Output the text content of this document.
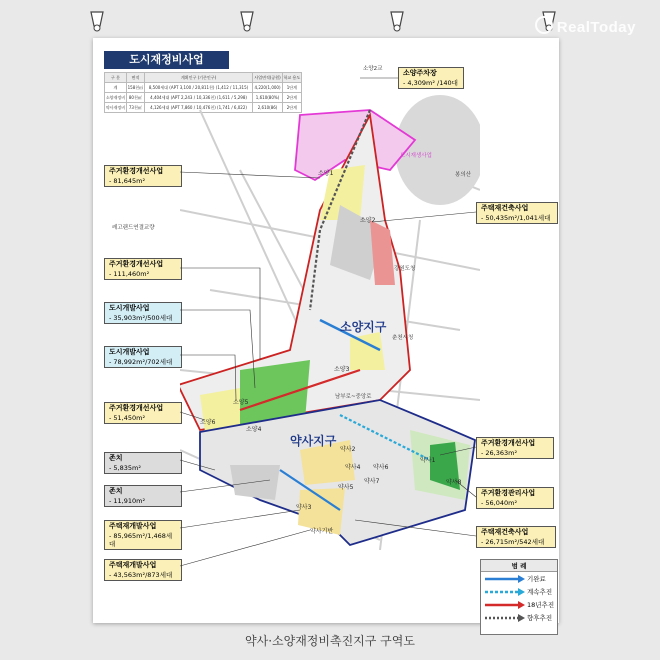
RealToday
도시재정비사업
구 분	면적	계획인구 (기존인구)	사업면적(공원)	학교 용도
계	158천㎡	8,500세대 (APT 3,100 / 20,811천) (1,412 / 11,315)	4,220(1,000)	1단계
소양재정비	80천㎡	4,404세대 (APT 2,243 / 10,336천) (1,611 / 5,298)	1,610(80%)	2단계
약사재정비	73천㎡	4,126세대 (APT 7,860 / 10,476천) (1,741 / 6,022)	2,610(86)	2단계
소양2교
도시재생사업
봉의산
강원도청
춘천시청
레고랜드연결교량
남부로~중앙로
소양지구
약사지구
소양1
소양2
소양3
소양4
소양5
소양6
약사1
약사2
약사3
약사4
약사5
약사6
약사7	약사8
약사기반
소양주차장
- 4,309m² /140대
주거환경개선사업
- 81,645m²
주택재건축사업
- 50,435m²/1,041세대
주거환경개선사업
- 111,460m²
도시개발사업
- 35,903m²/500세대
도시개발사업
- 78,992m²/702세대
주거환경개선사업
- 51,450m²
존치
- 5,835m²
존치
- 11,910m²
주택재개발사업
- 85,965m²/1,468세대
주택재개발사업
- 43,563m²/873세대
주거환경개선사업
- 26,363m²
주거환경관리사업
- 56,040m²
주택재건축사업
- 26,715m²/542세대
범 례
기완료
계속추진
18년추진
향후추진
약사·소양재정비촉진지구 구역도
